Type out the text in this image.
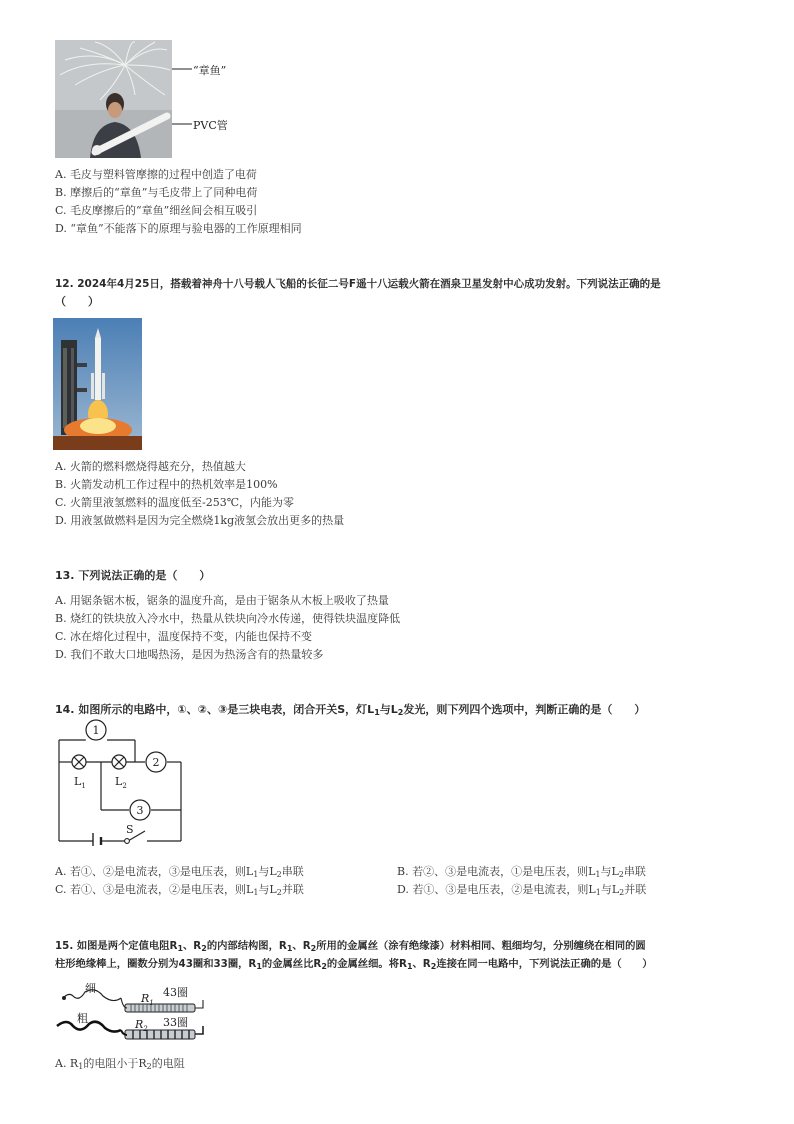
“章鱼”
PVC管
A. 毛皮与塑料管摩擦的过程中创造了电荷
B. 摩擦后的“章鱼”与毛皮带上了同种电荷
C. 毛皮摩擦后的“章鱼”细丝间会相互吸引
D. “章鱼”不能落下的原理与验电器的工作原理相同
12. 2024年4月25日，搭载着神舟十八号载人飞船的长征二号F遥十八运载火箭在酒泉卫星发射中心成功发射。下列说法正确的是
（　　）
A. 火箭的燃料燃烧得越充分，热值越大
B. 火箭发动机工作过程中的热机效率是100%
C. 火箭里液氢燃料的温度低至-253℃，内能为零
D. 用液氢做燃料是因为完全燃烧1kg液氢会放出更多的热量
13. 下列说法正确的是（　　）
A. 用锯条锯木板，锯条的温度升高，是由于锯条从木板上吸收了热量
B. 烧红的铁块放入冷水中，热量从铁块向冷水传递，使得铁块温度降低
C. 冰在熔化过程中，温度保持不变，内能也保持不变
D. 我们不敢大口地喝热汤，是因为热汤含有的热量较多
14. 如图所示的电路中，①、②、③是三块电表，闭合开关S，灯$L_1$与$L_2$发光，则下列四个选项中，判断正确的是（　　）
1
2
3
$L_1$	$L_2$
S
A. 若①、②是电流表，③是电压表，则$L_1$与$L_2$串联	B. 若②、③是电流表，①是电压表，则$L_1$与$L_2$串联
C. 若①、③是电流表，②是电压表，则$L_1$与$L_2$并联	D. 若①、③是电压表，②是电流表，则$L_1$与$L_2$并联
15. 如图是两个定值电阻$R_1$、$R_2$的内部结构图，$R_1$、$R_2$所用的金属丝（涂有绝缘漆）材料相同、粗细均匀，分别缠绕在相同的圆
柱形绝缘棒上，圈数分别为43圈和33圈，$R_1$的金属丝比$R_2$的金属丝细。将$R_1$、$R_2$连接在同一电路中，下列说法正确的是（　　）
细
粗
$R_1$
$R_2$
43圈
33圈
A. $R_1$的电阻小于$R_2$的电阻
